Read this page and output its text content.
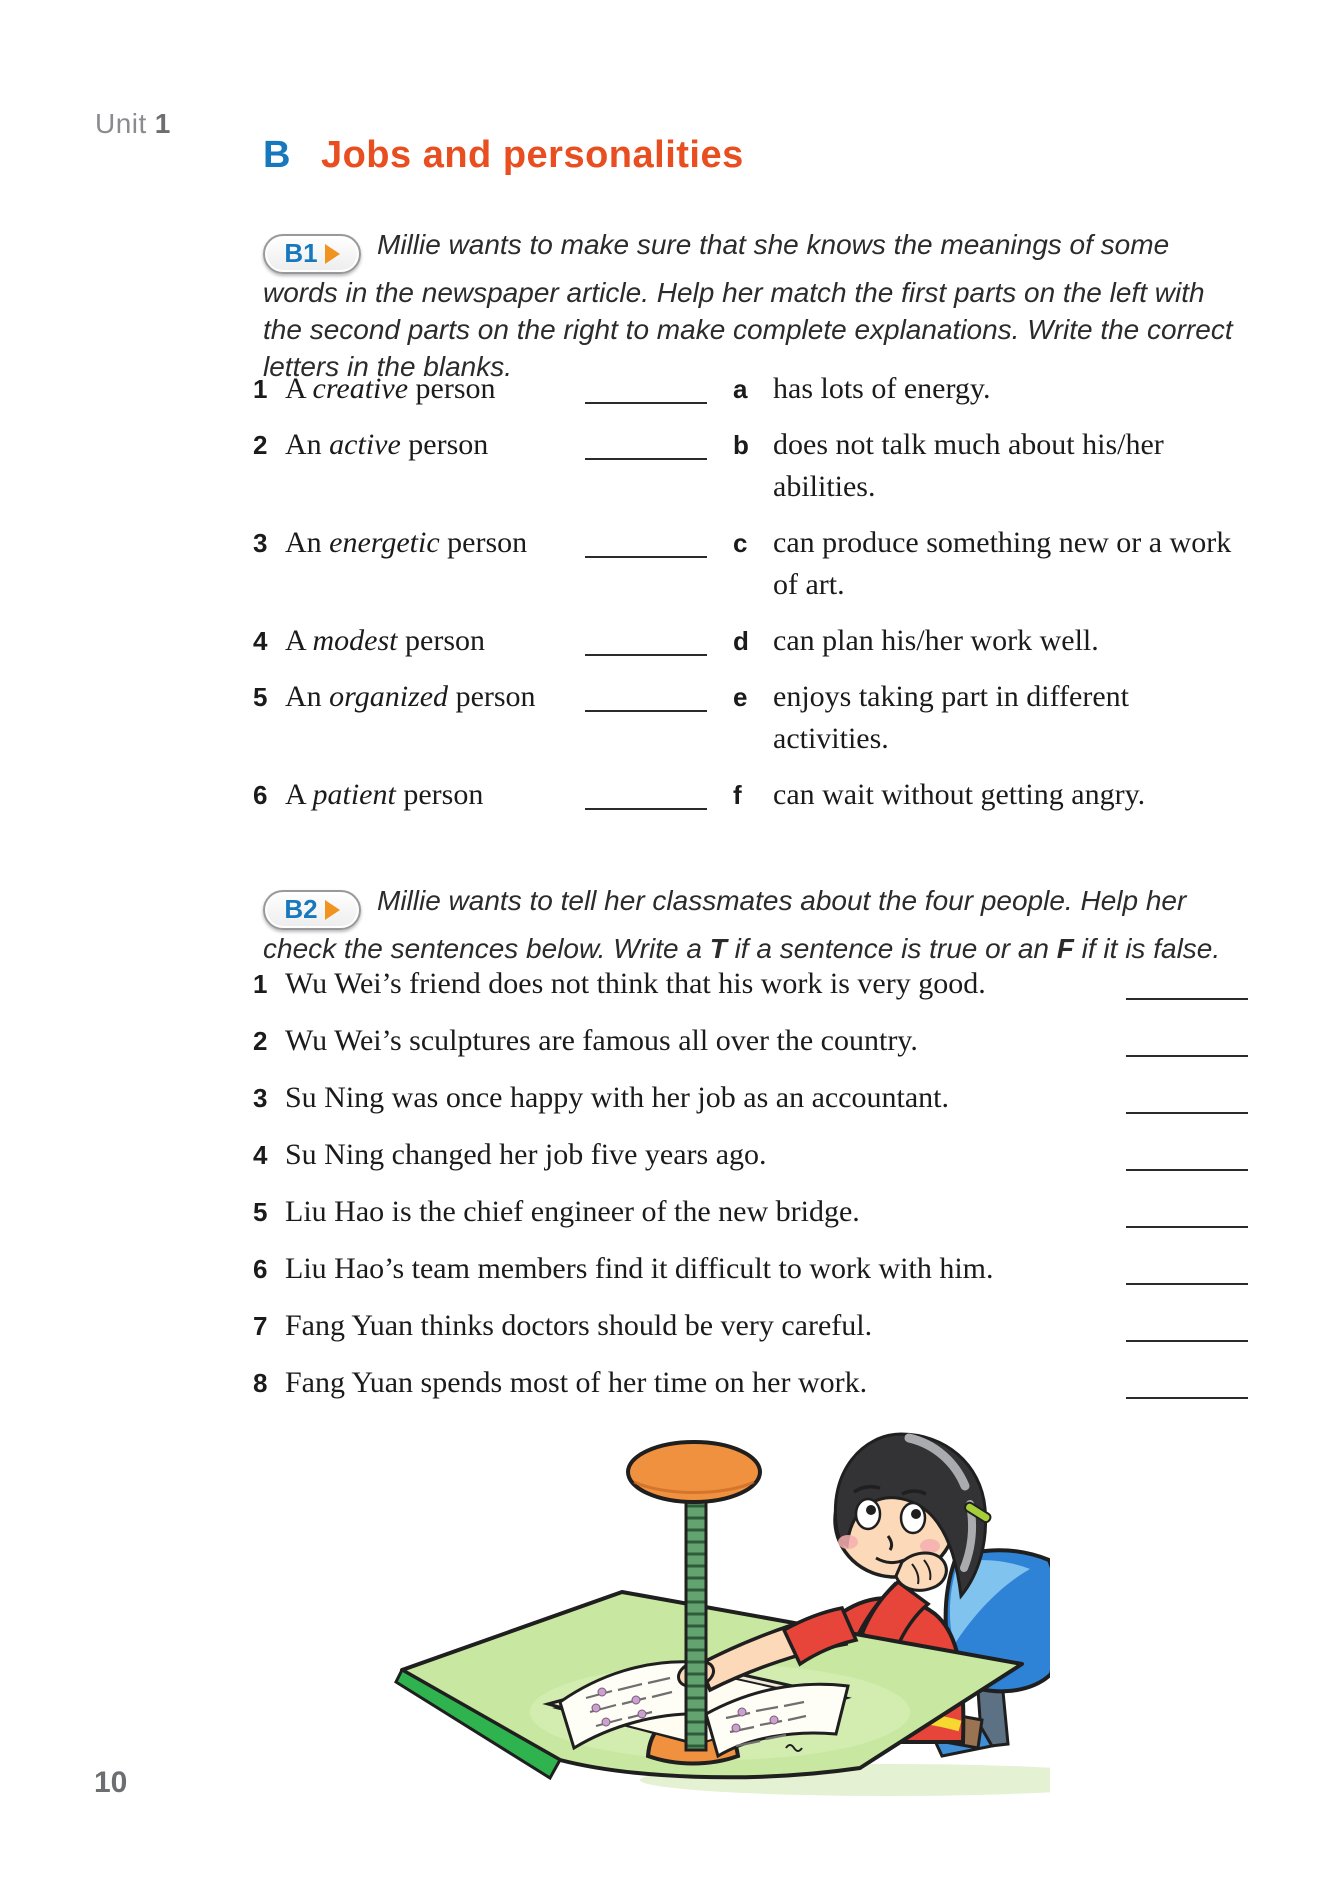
Unit 1
B Jobs and personalities

B1 Millie wants to make sure that she knows the meanings of some words in the newspaper article. Help her match the first parts on the left with the second parts on the right to make complete explanations. Write the correct letters in the blanks.

1 A creative person	a has lots of energy.
2 An active person	b does not talk much about his/her abilities.
3 An energetic person	c can produce something new or a work of art.
4 A modest person	d can plan his/her work well.
5 An organized person	e enjoys taking part in different activities.
6 A patient person	f	can wait without getting angry.

B2 Millie wants to tell her classmates about the four people. Help her check the sentences below. Write a T if a sentence is true or an F if it is false.

1 Wu Wei’s friend does not think that his work is very good.
2 Wu Wei’s sculptures are famous all over the country.
3 Su Ning was once happy with her job as an accountant.
4 Su Ning changed her job five years ago.
5 Liu Hao is the chief engineer of the new bridge.
6 Liu Hao’s team members find it difficult to work with him.
7 Fang Yuan thinks doctors should be very careful.
8 Fang Yuan spends most of her time on her work.
10
